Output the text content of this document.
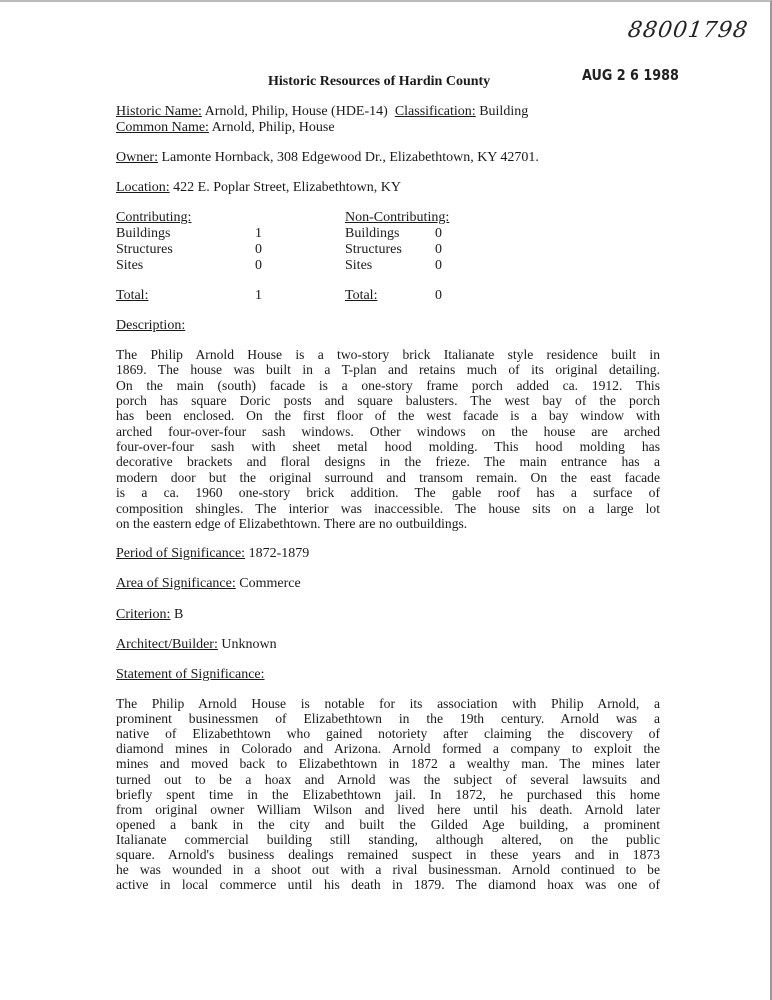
88001798
AUG 2 6 1988
Historic Resources of Hardin County
Historic Name: Arnold, Philip, House (HDE-14) Classification: Building
Common Name: Arnold, Philip, House
Owner: Lamonte Hornback, 308 Edgewood Dr., Elizabethtown, KY 42701.
Location: 422 E. Poplar Street, Elizabethtown, KY
Contributing:	Non-Contributing:
Buildings	1	Buildings	0
Structures	0	Structures 0
Sites	0	Sites	0
Total:	1	Total:	0
Description:
The Philip Arnold House is a two-story brick Italianate style residence built in
1869. The house was built in a T-plan and retains much of its original detailing.
On the main (south) facade is a one-story frame porch added ca. 1912. This
porch has square Doric posts and square balusters. The west bay of the porch
has been enclosed. On the first floor of the west facade is a bay window with
arched four-over-four sash windows. Other windows on the house are arched
four-over-four sash with sheet metal hood molding. This hood molding has
decorative brackets and floral designs in the frieze. The main entrance has a
modern door but the original surround and transom remain. On the east facade
is a ca. 1960 one-story brick addition. The gable roof has a surface of
composition shingles. The interior was inaccessible. The house sits on a large lot
on the eastern edge of Elizabethtown. There are no outbuildings.
Period of Significance: 1872-1879
Area of Significance: Commerce
Criterion: B
Architect/Builder: Unknown
Statement of Significance:
The Philip Arnold House is notable for its association with Philip Arnold, a
prominent businessmen of Elizabethtown in the 19th century. Arnold was a
native of Elizabethtown who gained notoriety after claiming the discovery of
diamond mines in Colorado and Arizona. Arnold formed a company to exploit the
mines and moved back to Elizabethtown in 1872 a wealthy man. The mines later
turned out to be a hoax and Arnold was the subject of several lawsuits and
briefly spent time in the Elizabethtown jail. In 1872, he purchased this home
from original owner William Wilson and lived here until his death. Arnold later
opened a bank in the city and built the Gilded Age building, a prominent
Italianate commercial building still standing, although altered, on the public
square. Arnold's business dealings remained suspect in these years and in 1873
he was wounded in a shoot out with a rival businessman. Arnold continued to be
active in local commerce until his death in 1879. The diamond hoax was one of
